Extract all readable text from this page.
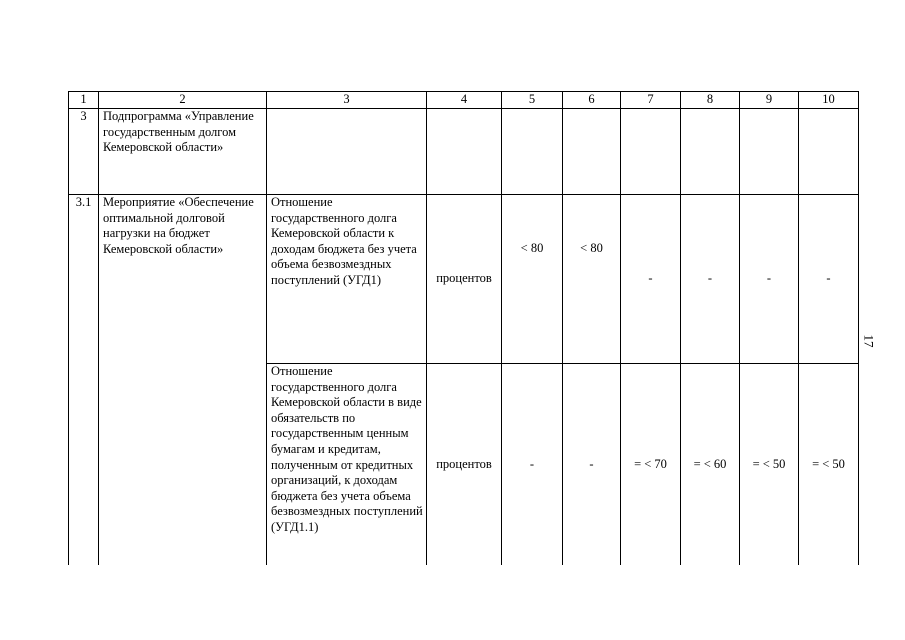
1	2	3	4	5	6	7	8	9	10
3	Подпрограмма «Управление государственным долгом Кемеровской области»								
3.1	Мероприятие «Обеспечение оптимальной долговой нагрузки на бюджет Кемеровской области»	Отношение государственного долга Кемеровской области к доходам бюджета без учета объема безвозмездных поступлений (УГД1)	процентов	< 80	< 80	-	-	-	-
		Отношение государственного долга Кемеровской области в виде обязательств по государственным ценным бумагам и кредитам, полученным от кредитных организаций, к доходам бюджета без учета объема безвозмездных поступлений (УГД1.1)	процентов	-	-	= < 70	= < 60	= < 50	= < 50
17
